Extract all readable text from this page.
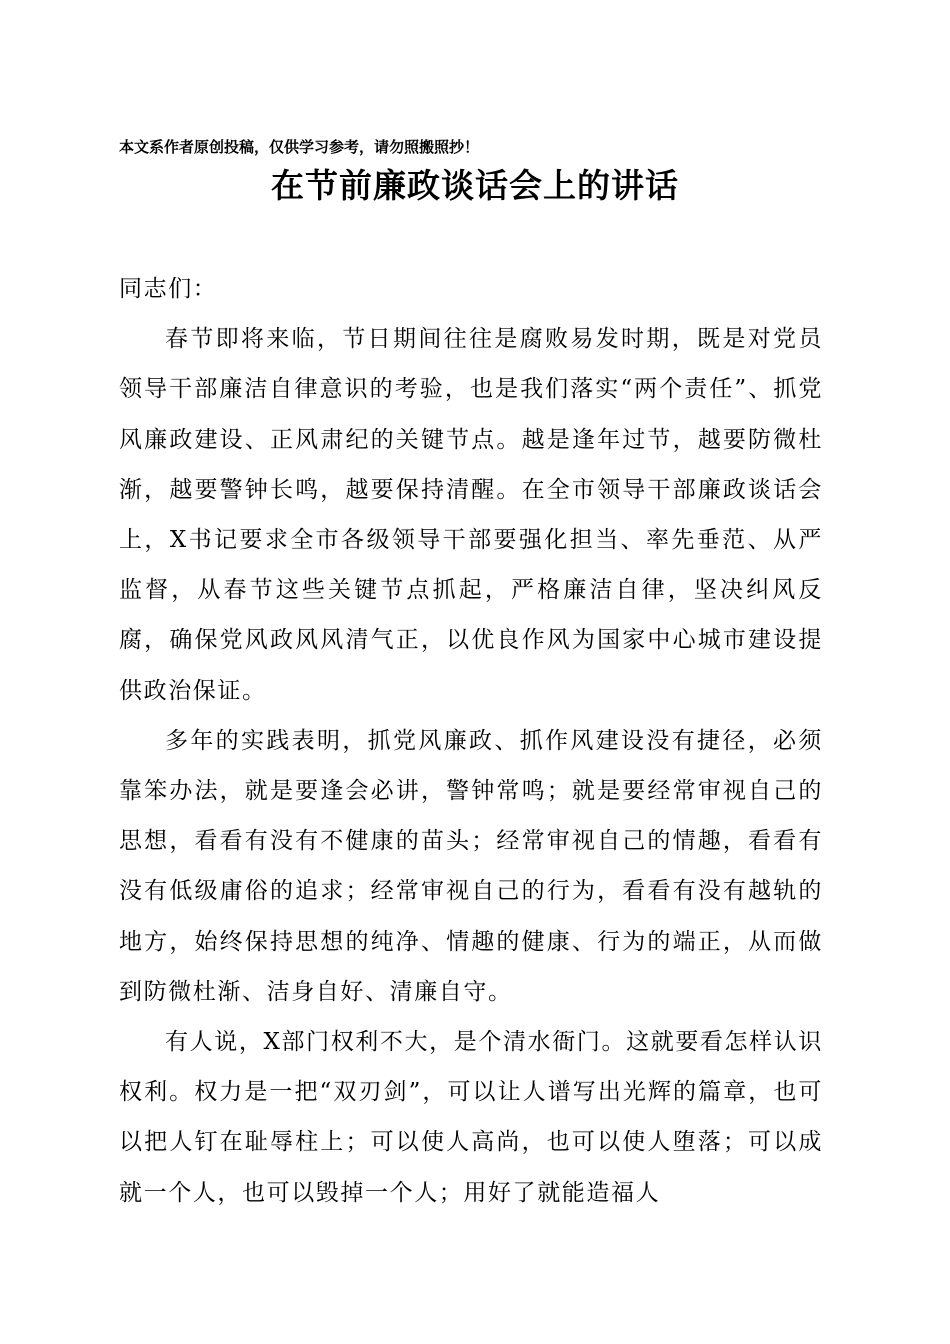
本文系作者原创投稿，仅供学习参考，请勿照搬照抄！
在节前廉政谈话会上的讲话

同志们：

春节即将来临，节日期间往往是腐败易发时期，既是对党员领导干部廉洁自律意识的考验，也是我们落实“两个责任”、抓党风廉政建设、正风肃纪的关键节点。越是逢年过节，越要防微杜渐，越要警钟长鸣，越要保持清醒。在全市领导干部廉政谈话会上，X书记要求全市各级领导干部要强化担当、率先垂范、从严监督，从春节这些关键节点抓起，严格廉洁自律，坚决纠风反腐，确保党风政风风清气正，以优良作风为国家中心城市建设提供政治保证。

多年的实践表明，抓党风廉政、抓作风建设没有捷径，必须靠笨办法，就是要逢会必讲，警钟常鸣；就是要经常审视自己的思想，看看有没有不健康的苗头；经常审视自己的情趣，看看有没有低级庸俗的追求；经常审视自己的行为，看看有没有越轨的地方，始终保持思想的纯净、情趣的健康、行为的端正，从而做到防微杜渐、洁身自好、清廉自守。

有人说，X部门权利不大，是个清水衙门。这就要看怎样认识权利。权力是一把“双刃剑”，可以让人谱写出光辉的篇章，也可以把人钉在耻辱柱上；可以使人高尚，也可以使人堕落；可以成就一个人，也可以毁掉一个人；用好了就能造福人
